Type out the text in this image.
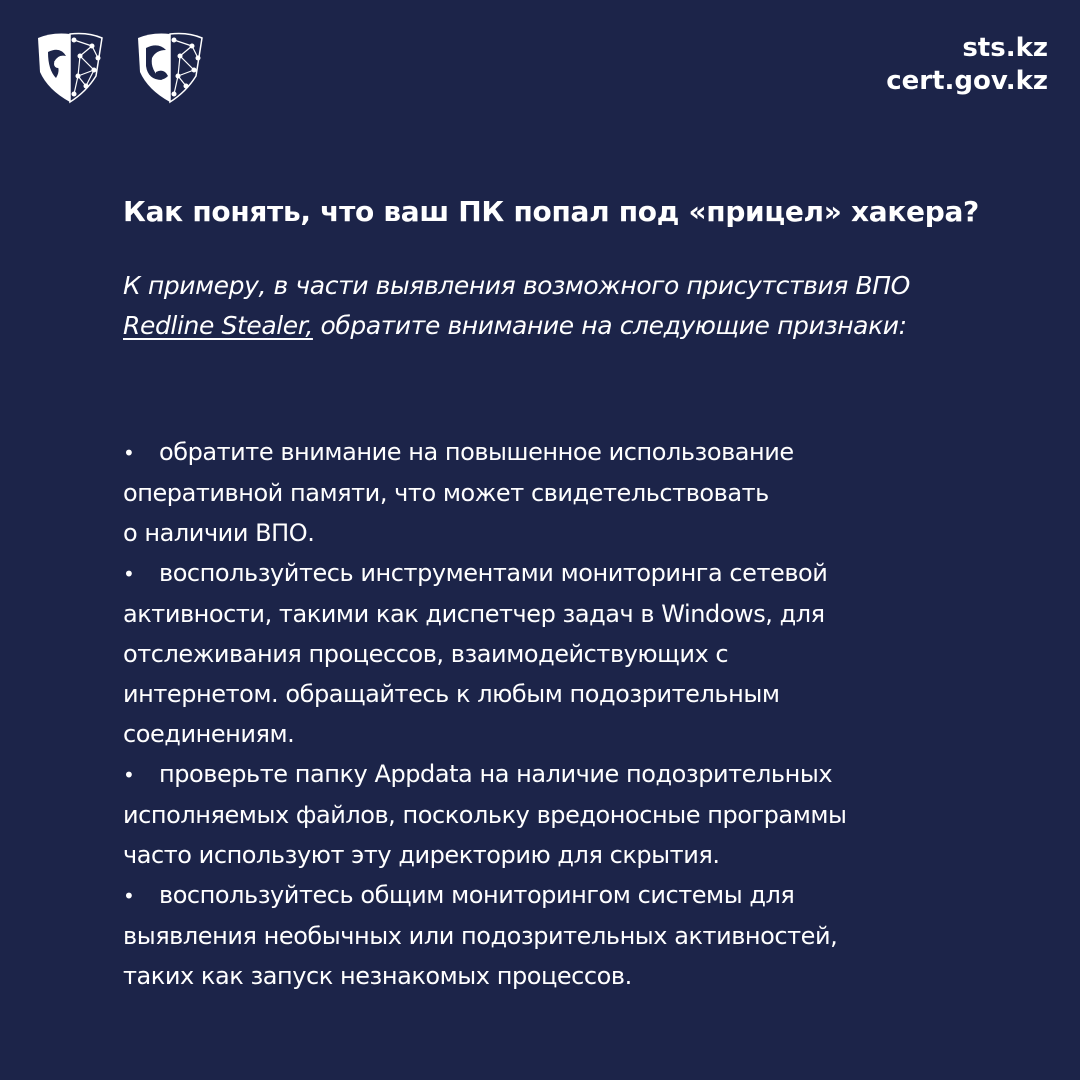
sts.kz
cert.gov.kz
Как понять, что ваш ПК попал под «прицел» хакера?
К примеру, в части выявления возможного присутствия ВПО
Redline Stealer, обратите внимание на следующие признаки:
• обратите внимание на повышенное использование
оперативной памяти, что может свидетельствовать
о наличии ВПО.
• воспользуйтесь инструментами мониторинга сетевой
активности, такими как диспетчер задач в Windows, для
отслеживания процессов, взаимодействующих с
интернетом. обращайтесь к любым подозрительным
соединениям.
• проверьте папку Appdata на наличие подозрительных
исполняемых файлов, поскольку вредоносные программы
часто используют эту директорию для скрытия.
• воспользуйтесь общим мониторингом системы для
выявления необычных или подозрительных активностей,
таких как запуск незнакомых процессов.
